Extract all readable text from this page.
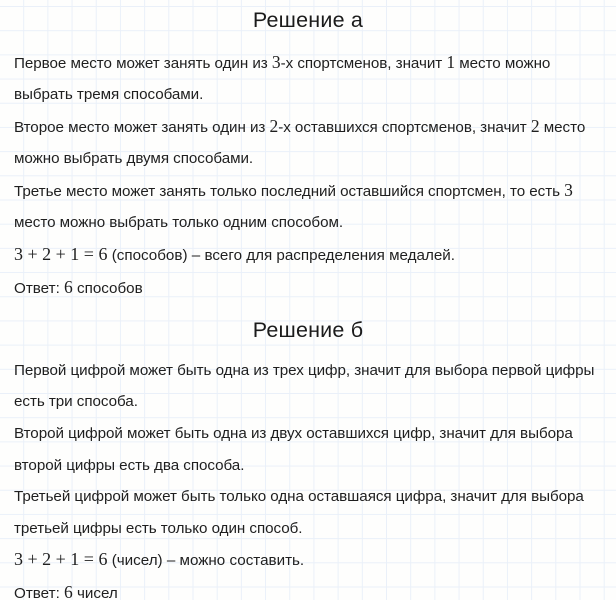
Решение а

Первое место может занять один из 3-х спортсменов, значит 1 место можно выбрать тремя способами.

Второе место может занять один из 2-х оставшихся спортсменов, значит 2 место можно выбрать двумя способами.

Третье место может занять только последний оставшийся спортсмен, то есть 3 место можно выбрать только одним способом.

3 + 2 + 1 = 6 (способов) – всего для распределения медалей.

Ответ: 6 способов

Решение б

Первой цифрой может быть одна из трех цифр, значит для выбора первой цифры есть три способа.

Второй цифрой может быть одна из двух оставшихся цифр, значит для выбора второй цифры есть два способа.

Третьей цифрой может быть только одна оставшаяся цифра, значит для выбора третьей цифры есть только один способ.

3 + 2 + 1 = 6 (чисел) – можно составить.

Ответ: 6 чисел
